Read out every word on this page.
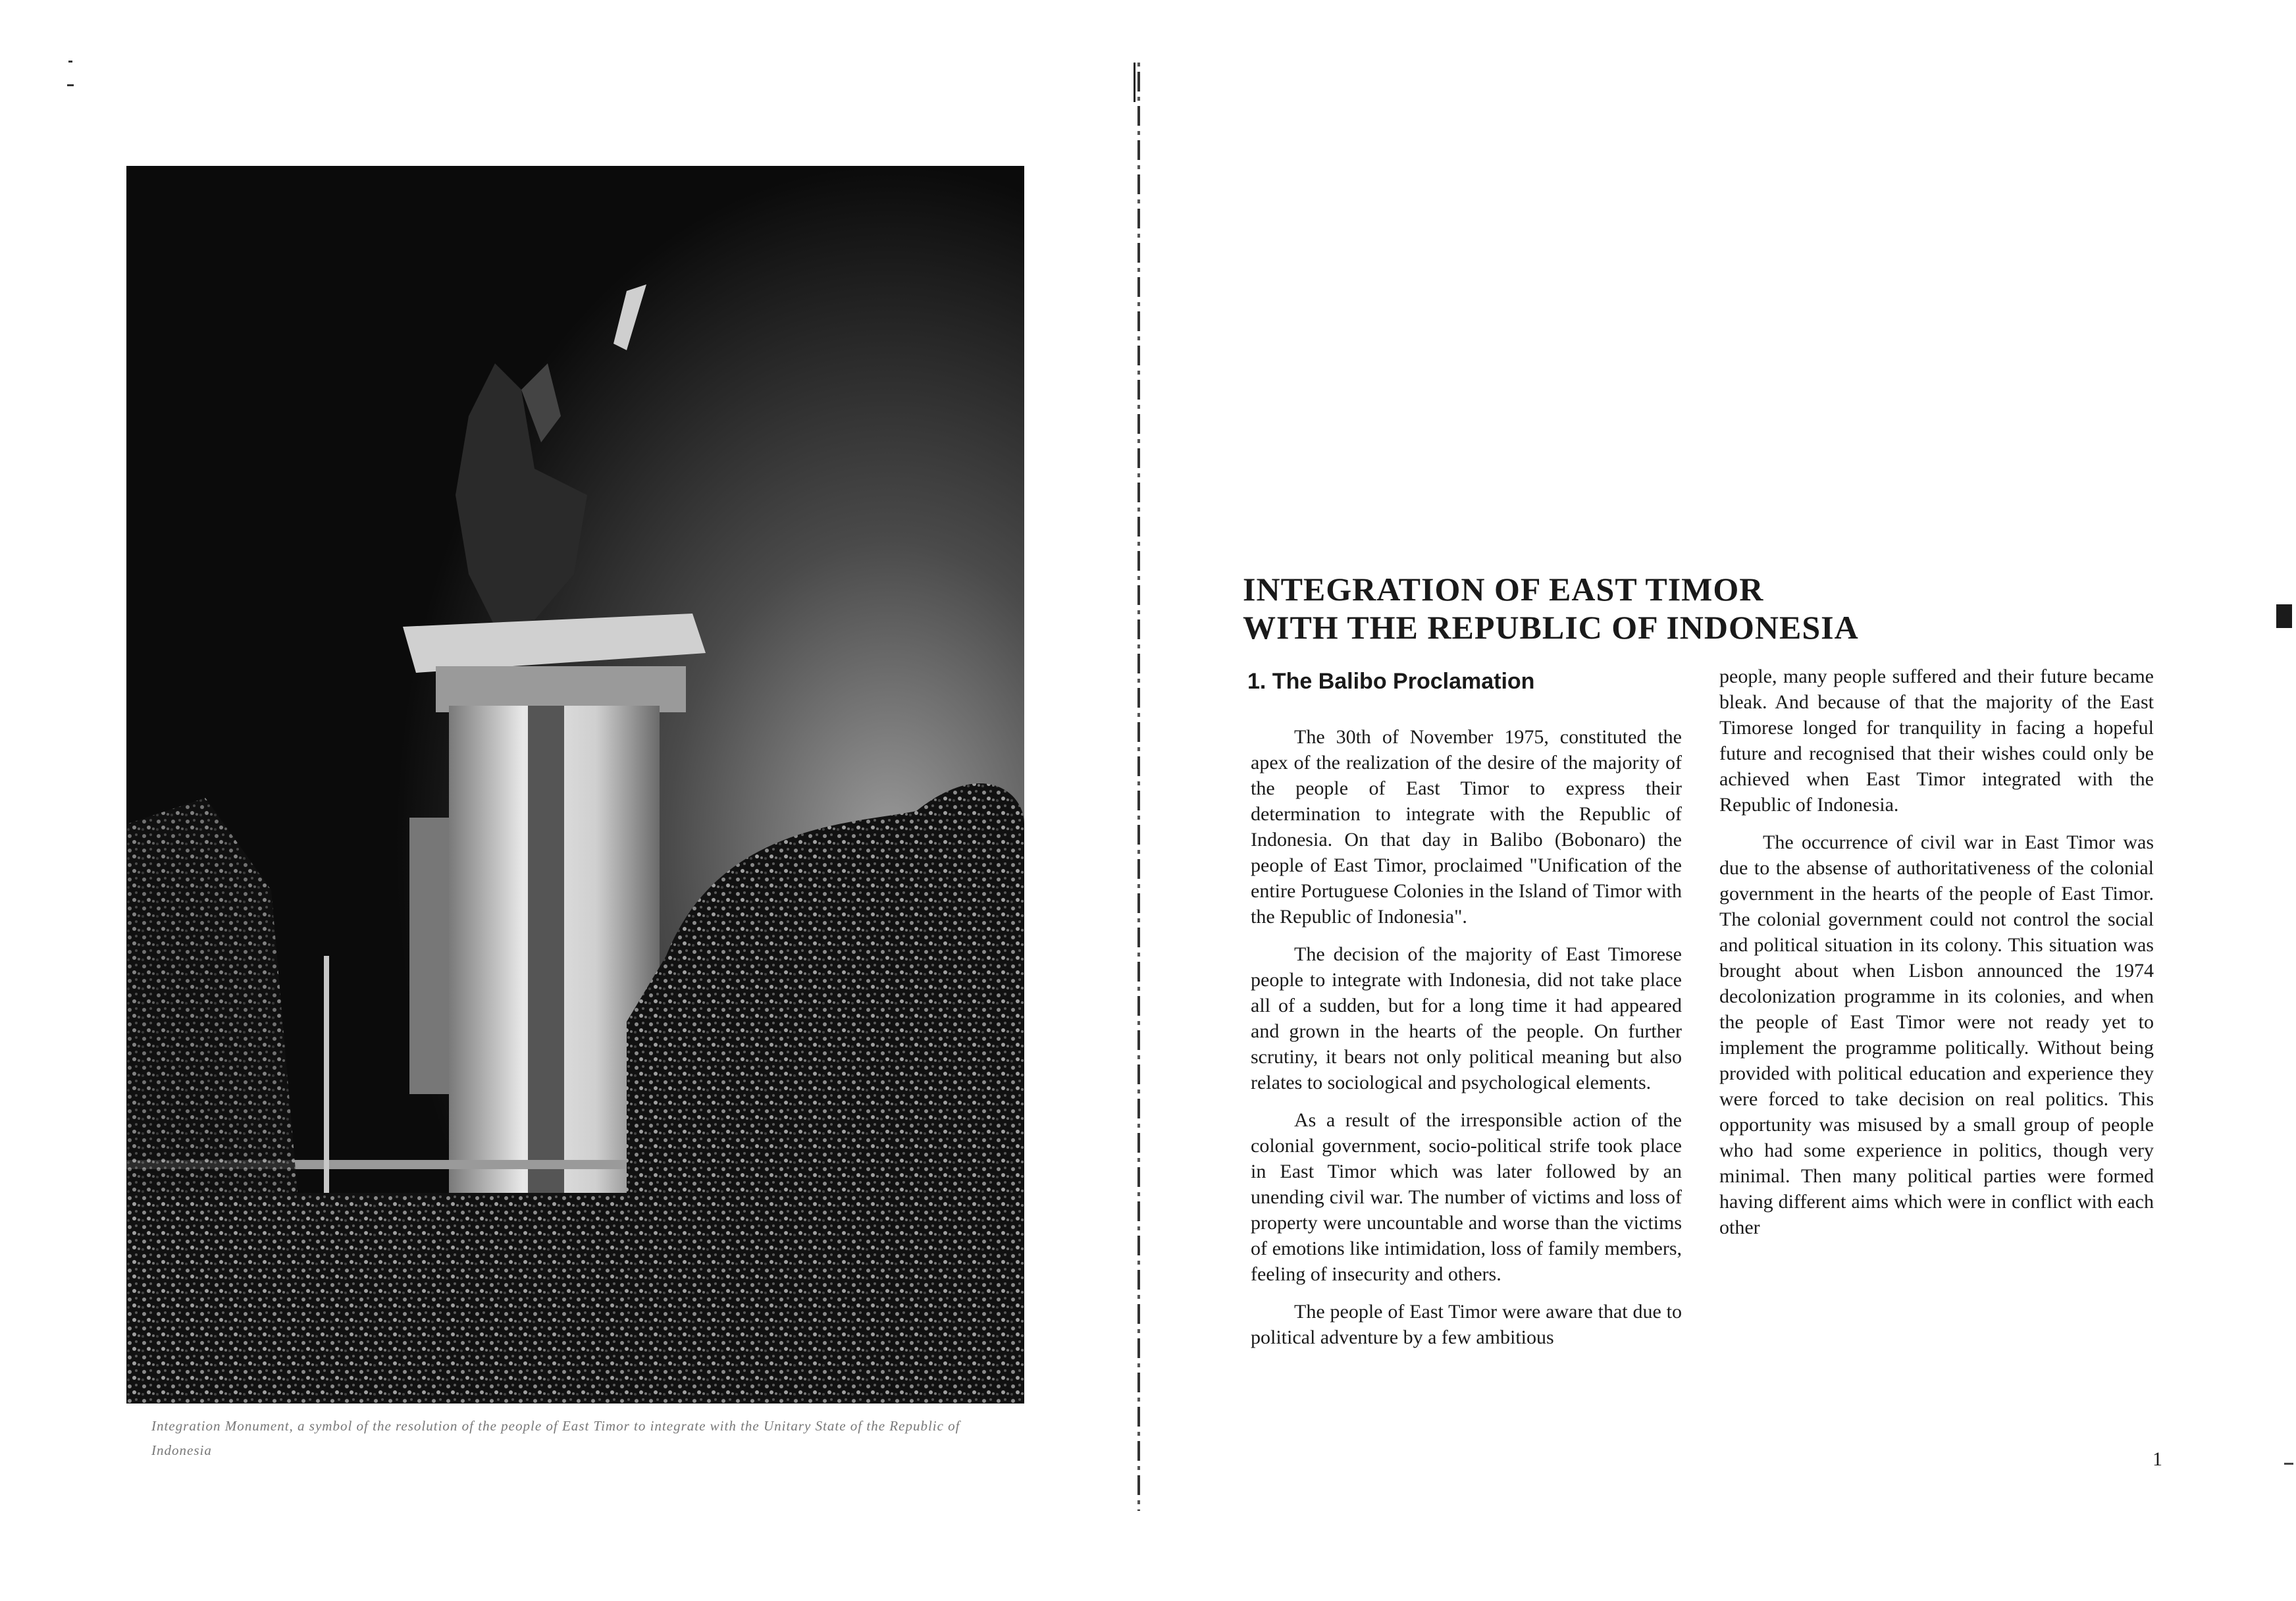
Integration Monument, a symbol of the resolution of the people of East Timor to integrate with the Unitary State of the Republic of Indonesia
INTEGRATION OF EAST TIMOR
WITH THE REPUBLIC OF INDONESIA
1. The Balibo Proclamation

The 30th of November 1975, constituted the apex of the realization of the desire of the majority of the people of East Timor to express their determination to integrate with the Republic of Indonesia. On that day in Balibo (Bobonaro) the people of East Timor, proclaimed "Unification of the entire Portuguese Colonies in the Island of Timor with the Republic of Indonesia".

The decision of the majority of East Timorese people to integrate with Indonesia, did not take place all of a sudden, but for a long time it had appeared and grown in the hearts of the people. On further scrutiny, it bears not only political meaning but also relates to sociological and psychological elements.

As a result of the irresponsible action of the colonial government, socio-political strife took place in East Timor which was later followed by an unending civil war. The number of victims and loss of property were uncountable and worse than the victims of emotions like intimidation, loss of family members, feeling of insecurity and others.

The people of East Timor were aware that due to political adventure by a few ambitious

people, many people suffered and their future became bleak. And because of that the majority of the East Timorese longed for tranquility in facing a hopeful future and recognised that their wishes could only be achieved when East Timor integrated with the Republic of Indonesia.

The occurrence of civil war in East Timor was due to the absense of authoritativeness of the colonial government in the hearts of the people of East Timor. The colonial government could not control the social and political situation in its colony. This situation was brought about when Lisbon announced the 1974 decolonization programme in its colonies, and when the people of East Timor were not ready yet to implement the programme politically. Without being provided with political education and experience they were forced to take decision on real politics. This opportunity was misused by a small group of people who had some experience in politics, though very minimal. Then many political parties were formed having different aims which were in conflict with each other

1
